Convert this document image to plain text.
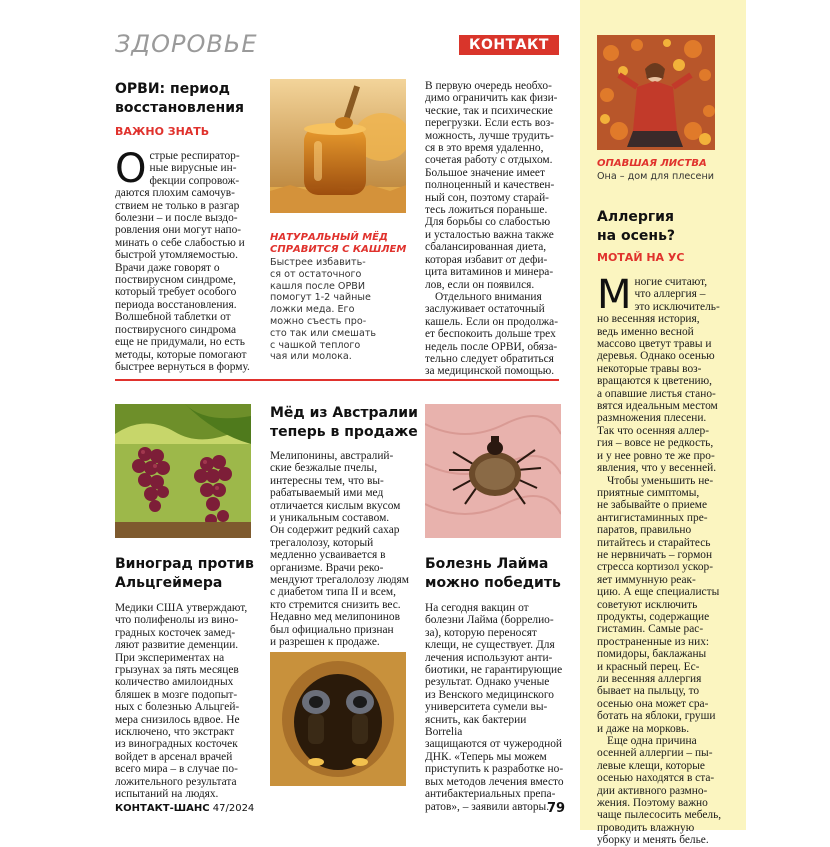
ЗДОРОВЬЕ	КОНТАКТ
ОРВИ: период
восстановления
ВАЖНО ЗНАТЬ
О стрые респиратор-
ные вирусные ин-
фекции сопровож-
даются плохим самочув-
ствием не только в разгар
болезни – и после выздо-
ровления они могут напо-
минать о себе слабостью и
быстрой утомляемостью.
Врачи даже говорят о
поствирусном синдроме,
который требует особого
периода восстановления.
Волшебной таблетки от
поствирусного синдрома
еще не придумали, но есть
методы, которые помогают
быстрее вернуться в форму.
НАТУРАЛЬНЫЙ МЁД
СПРАВИТСЯ С КАШЛЕМ
Быстрее избавить-
ся от остаточного
кашля после ОРВИ
помогут 1-2 чайные
ложки меда. Его
можно съесть про-
сто так или смешать
с чашкой теплого
чая или молока.
В первую очередь необхо-
димо ограничить как физи-
ческие, так и психические
перегрузки. Если есть воз-
можность, лучше трудить-
ся в это время удаленно,
сочетая работу с отдыхом.
Большое значение имеет
полноценный и качествен-
ный сон, поэтому старай-
тесь ложиться пораньше.
Для борьбы со слабостью
и усталостью важна также
сбалансированная диета,
которая избавит от дефи-
цита витаминов и минера-
лов, если он появился.
Отдельного внимания
заслуживает остаточный
кашель. Если он продолжа-
ет беспокоить дольше трех
недель после ОРВИ, обяза-
тельно следует обратиться
за медицинской помощью.
Виноград против
Альцгеймера
Медики США утверждают,
что полифенолы из вино-
градных косточек замед-
ляют развитие деменции.
При экспериментах на
грызунах за пять месяцев
количество амилоидных
бляшек в мозге подопыт-
ных с болезнью Альцгей-
мера снизилось вдвое. Не
исключено, что экстракт
из виноградных косточек
войдет в арсенал врачей
всего мира – в случае по-
ложительного результата
испытаний на людях.
Мёд из Австралии
теперь в продаже
Мелипонины, австралий-
ские безжалые пчелы,
интересны тем, что вы-
рабатываемый ими мед
отличается кислым вкусом
и уникальным составом.
Он содержит редкий сахар
трегалолозу, который
медленно усваивается в
организме. Врачи реко-
мендуют трегалолозу людям
с диабетом типа II и всем,
кто стремится снизить вес.
Недавно мед мелипонинов
был официально признан
и разрешен к продаже.
Болезнь Лайма
можно победить
На сегодня вакцин от
болезни Лайма (боррелио-
за), которую переносят
клещи, не существует. Для
лечения используют анти-
биотики, не гарантирующие
результат. Однако ученые
из Венского медицинского
университета сумели вы-
яснить, как бактерии Borrelia
защищаются от чужеродной
ДНК. «Теперь мы можем
приступить к разработке но-
вых методов лечения вместо
антибактериальных препа-
ратов», – заявили авторы.
ОПАВШАЯ ЛИСТВА
Она – дом для плесени
Аллергия
на осень?
МОТАЙ НА УС
М ногие считают,
что аллергия –
это исключитель-
но весенняя история,
ведь именно весной
массово цветут травы и
деревья. Однако осенью
некоторые травы воз-
вращаются к цветению,
а опавшие листья стано-
вятся идеальным местом
размножения плесени.
Так что осенняя аллер-
гия – вовсе не редкость,
и у нее ровно те же про-
явления, что у весенней.
Чтобы уменьшить не-
приятные симптомы,
не забывайте о приеме
антигистаминных пре-
паратов, правильно
питайтесь и старайтесь
не нервничать – гормон
стресса кортизол ускор-
яет иммунную реак-
цию. А еще специалисты
советуют исключить
продукты, содержащие
гистамин. Самые рас-
пространенные из них:
помидоры, баклажаны
и красный перец. Ес-
ли весенняя аллергия
бывает на пыльцу, то
осенью она может сра-
ботать на яблоки, груши
и даже на морковь.
Еще одна причина
осенней аллергии – пы-
левые клещи, которые
осенью находятся в ста-
дии активного размно-
жения. Поэтому важно
чаще пылесосить мебель,
проводить влажную
уборку и менять белье.
КОНТАКТ-ШАНС 47/2024	79
